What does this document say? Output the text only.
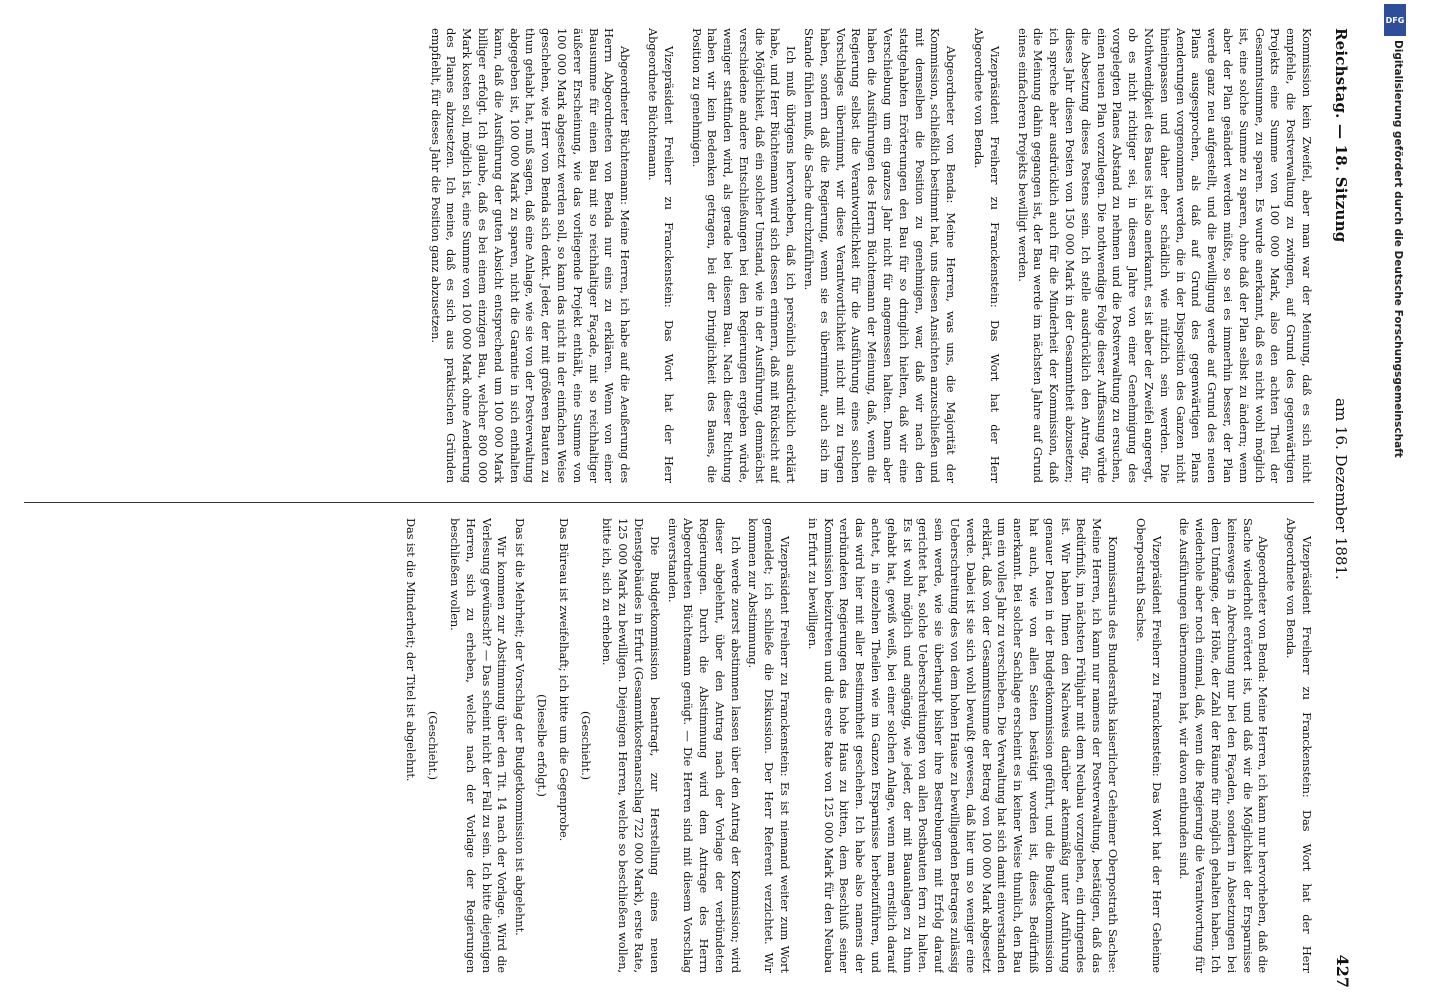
Reichstag. — 18. Sitzung
am 16. Dezember 1881.
427

Kommission kein Zweifel, aber man war der Meinung, daß es sich nicht empfehle, die Postverwaltung zu zwingen, auf Grund des gegenwärtigen Projekts eine Summe von 100 000 Mark, also den achten Theil der Gesammtsumme, zu sparen. Es wurde anerkannt, daß es nicht wohl möglich ist, eine solche Summe zu sparen, ohne daß der Plan selbst zu ändern; wenn aber der Plan geändert werden müßte, so sei es immerhin besser, der Plan werde ganz neu aufgestellt, und die Bewilligung werde auf Grund des neuen Plans ausgesprochen, als daß auf Grund des gegenwärtigen Plans Aenderungen vorgenommen werden, die in der Disposition des Ganzen nicht hineinpassen und daher eher schädlich wie nützlich sein werden. Die Nothwendigkeit des Baues ist also anerkannt, es ist aber der Zweifel angeregt, ob es nicht richtiger sei, in diesem Jahre von einer Genehmigung des vorgelegten Planes Abstand zu nehmen und die Postverwaltung zu ersuchen, einen neuen Plan vorzulegen. Die nothwendige Folge dieser Auffassung würde die Absetzung dieses Postens sein. Ich stelle ausdrücklich den Antrag, für dieses Jahr diesen Posten von 150 000 Mark in der Gesammtheit abzusetzen; ich spreche aber ausdrücklich auch für die Minderheit der Kommission, daß die Meinung dahin gegangen ist, der Bau werde im nächsten Jahre auf Grund eines einfacheren Projekts bewilligt werden.

Vizepräsident Freiherr zu Franckenstein: Das Wort hat der Herr Abgeordnete von Benda.

Abgeordneter von Benda: Meine Herren, was uns, die Majorität der Kommission, schließlich bestimmt hat, uns diesen Ansichten anzuschließen und mit demselben die Position zu genehmigen, war, daß wir nach den stattgehabten Erörterungen den Bau für so dringlich hielten, daß wir eine Verschiebung um ein ganzes Jahr nicht für angemessen halten. Dann aber haben die Ausführungen des Herrn Büchtemann der Meinung, daß, wenn die Regierung selbst die Verantwortlichkeit für die Ausführung eines solchen Vorschlages übernimmt, wir diese Verantwortlichkeit nicht mit zu tragen haben, sondern daß die Regierung, wenn sie es übernimmt, auch sich im Stande fühlen muß, die Sache durchzuführen.

Ich muß übrigens hervorheben, daß ich persönlich ausdrücklich erklärt habe, und Herr Büchtemann wird sich dessen erinnern, daß mit Rücksicht auf die Möglichkeit, daß ein solcher Umstand, wie in der Ausführung, demnächst verschiedene andere Entschließungen bei den Regierungen ergeben würde, weniger stattfinden wird, als gerade bei diesem Bau. Nach dieser Richtung haben wir kein Bedenken getragen, bei der Dringlichkeit des Baues, die Position zu genehmigen.

Vizepräsident Freiherr zu Franckenstein: Das Wort hat der Herr Abgeordnete Büchtemann.

Abgeordneter Büchtemann: Meine Herren, ich habe auf die Aeußerung des Herrn Abgeordneten von Benda nur eins zu erklären. Wenn von einer Bausumme für einen Bau mit so reichhaltiger Façade, mit so reichhaltiger äußerer Erscheinung, wie das vorliegende Projekt enthält, eine Summe von 100 000 Mark abgesetzt werden soll, so kann das nicht in der einfachen Weise geschehen, wie Herr von Benda sich denkt. Jeder, der mit größeren Bauten zu thun gehabt hat, muß sagen, daß eine Anlage, wie sie von der Postverwaltung abgegeben ist, 100 000 Mark zu sparen, nicht die Garantie in sich enthalten kann, daß die Ausführung der guten Absicht entsprechend um 100 000 Mark billiger erfolgt. Ich glaube, daß es bei einem einzigen Bau, welcher 800 000 Mark kosten soll, möglich ist, eine Summe von 100 000 Mark ohne Aenderung des Planes abzusetzen. Ich meine, daß es sich aus praktischen Gründen empfiehlt, für dieses Jahr die Position ganz abzusetzen.

Vizepräsident Freiherr zu Franckenstein: Das Wort hat der Herr Abgeordnete von Benda.

Abgeordneter von Benda: Meine Herren, ich kann nur hervorheben, daß die Sache wiederholt erörtert ist, und daß wir die Möglichkeit der Ersparnisse keineswegs in Abrechnung nur bei den Façaden, sondern in Absetzungen bei dem Umfange, der Höhe, der Zahl der Räume für möglich gehalten haben. Ich wiederhole aber noch einmal, daß, wenn die Regierung die Verantwortung für die Ausführungen übernommen hat, wir davon entbunden sind.

Vizepräsident Freiherr zu Franckenstein: Das Wort hat der Herr Geheime Oberpostrath Sachse.

Kommissarius des Bundesraths kaiserlicher Geheimer Oberpostrath Sachse: Meine Herren, ich kann nur namens der Postverwaltung, bestätigen, daß das Bedürfniß, im nächsten Frühjahr mit dem Neubau vorzugehen, ein dringendes ist. Wir haben Ihnen den Nachweis darüber aktenmäßig unter Anführung genauer Daten in der Budgetkommission geführt, und die Budgetkommission hat auch, wie von allen Seiten bestätigt worden ist, dieses Bedürfniß anerkannt. Bei solcher Sachlage erscheint es in keiner Weise thunlich, den Bau um ein volles Jahr zu verschieben. Die Verwaltung hat sich damit einverstanden erklärt, daß von der Gesammtsumme der Betrag von 100 000 Mark abgesetzt werde. Dabei ist sie sich wohl bewußt gewesen, daß hier um so weniger eine Ueberschreitung des von dem hohen Hause zu bewilligenden Betrages zulässig sein werde, wie sie überhaupt bisher ihre Bestrebungen mit Erfolg darauf gerichtet hat, solche Ueberschreitungen von allen Postbauten fern zu halten. Es ist wohl möglich und angängig, wie jeder, der mit Bauanlagen zu thun gehabt hat, gewiß weiß, bei einer solchen Anlage, wenn man ernstlich darauf achtet, in einzelnen Theilen wie im Ganzen Ersparnisse herbeizuführen, und das wird hier mit aller Bestimmtheit geschehen. Ich habe also namens der verbündeten Regierungen das hohe Haus zu bitten, dem Beschluß seiner Kommission beizutreten und die erste Rate von 125 000 Mark für den Neubau in Erfurt zu bewilligen.

Vizepräsident Freiherr zu Franckenstein: Es ist niemand weiter zum Wort gemeldet; ich schließe die Diskussion. Der Herr Referent verzichtet. Wir kommen zur Abstimmung.

Ich werde zuerst abstimmen lassen über den Antrag der Kommission; wird dieser abgelehnt, über den Antrag nach der Vorlage der verbündeten Regierungen. Durch die Abstimmung wird dem Antrage des Herrn Abgeordneten Büchtemann genügt. — Die Herren sind mit diesem Vorschlag einverstanden.

Die Budgetkommission beantragt, zur Herstellung eines neuen Dienstgebäudes in Erfurt (Gesammtkostenanschlag 722 000 Mark), erste Rate, 125 000 Mark zu bewilligen. Diejenigen Herren, welche so beschließen wollen, bitte ich, sich zu erheben.

(Geschieht.)

Das Büreau ist zweifelhaft; ich bitte um die Gegenprobe.

(Dieselbe erfolgt.)

Das ist die Mehrheit; der Vorschlag der Budgetkommission ist abgelehnt.

Wir kommen zur Abstimmung über den Tit. 14 nach der Vorlage. Wird die Verlesung gewünscht? — Das scheint nicht der Fall zu sein. Ich bitte diejenigen Herren, sich zu erheben, welche nach der Vorlage der Regierungen beschließen wollen.

(Geschieht.)

Das ist die Minderheit; der Titel ist abgelehnt.

DFG
Digitalisierung gefördert durch die Deutsche Forschungsgemeinschaft
